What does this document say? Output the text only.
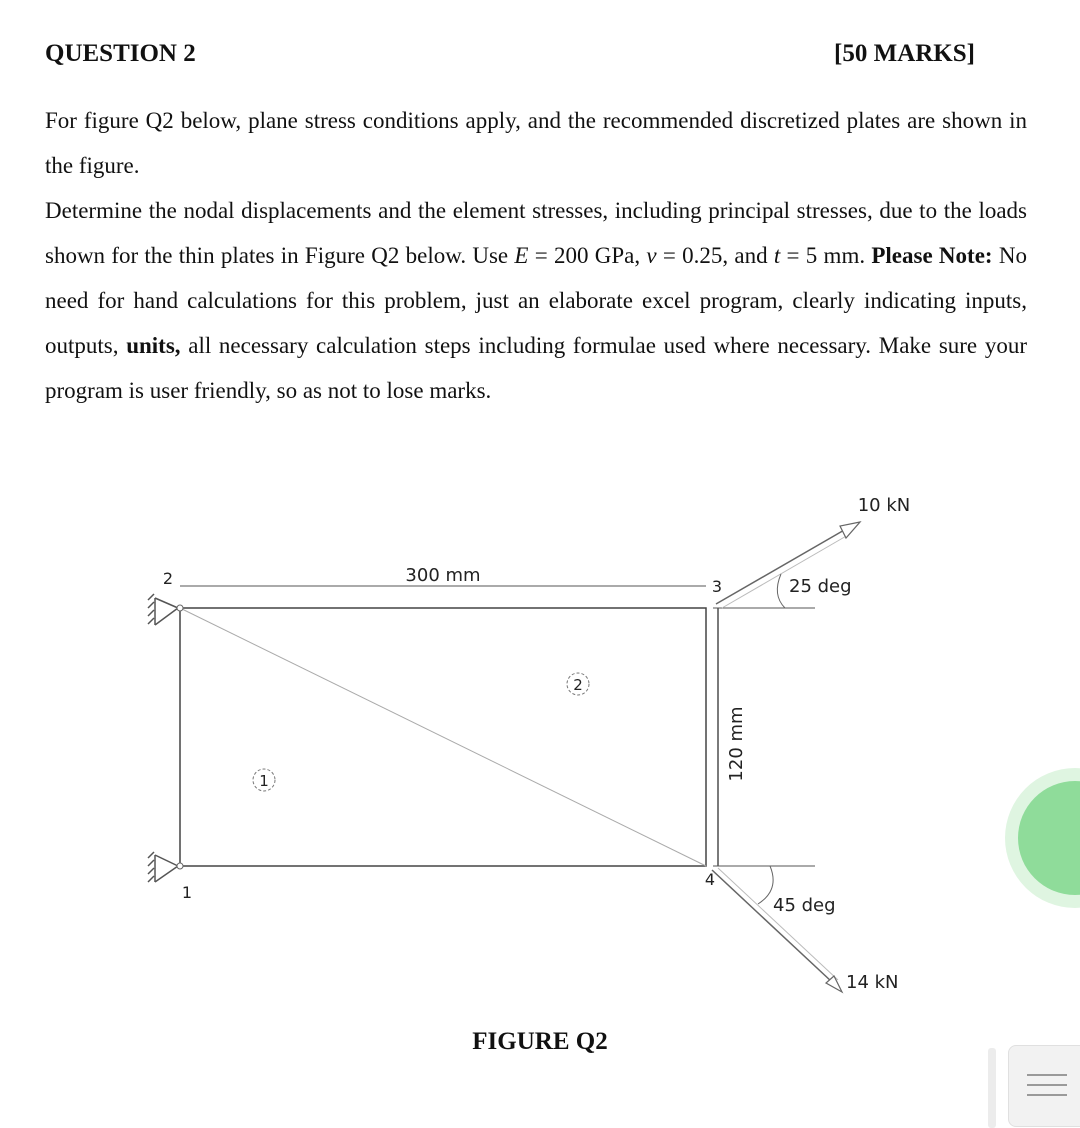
QUESTION 2	[50 MARKS]

For figure Q2 below, plane stress conditions apply, and the recommended discretized plates are shown in the figure.

Determine the nodal displacements and the element stresses, including principal stresses, due to the loads shown for the thin plates in Figure Q2 below. Use E = 200 GPa, ν = 0.25, and t = 5 mm. Please Note: No need for hand calculations for this problem, just an elaborate excel program, clearly indicating inputs, outputs, units, all necessary calculation steps including formulae used where necessary. Make sure your program is user friendly, so as not to lose marks.

300 mm
2	3
120 mm
1
2
1
4
10 kN
25 deg
14 kN
45 deg
FIGURE Q2
